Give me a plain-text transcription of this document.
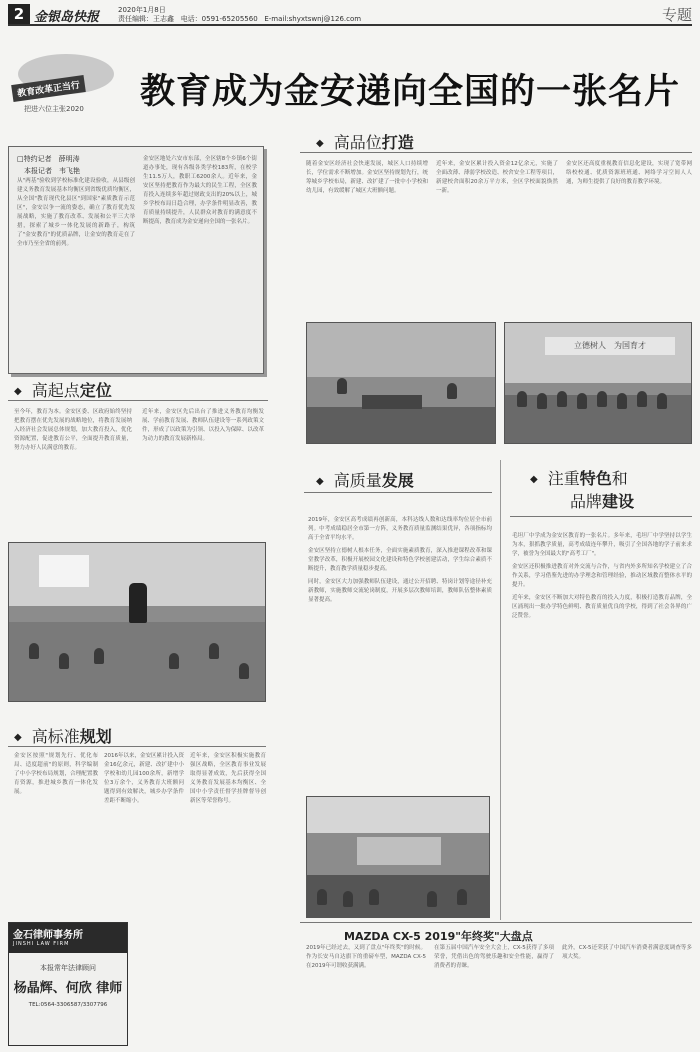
2 金银岛快报	2020年1月8日
责任编辑：王志鑫 电话：0591-65205560 E-mail:shyxtswnj@126.com	专题
教育改革正当行
把进六位主张2020 教育成为金安递向全国的一张名片
□特约记者　薛明涛
　本报记者　韦飞艳
从"两基"验收到学校标准化建设验收，从县级创建义务教育发展基本均衡区到省级优质均衡区，从全国"教育现代化县区"到国家"素质教育示范区"，金安以争一流的姿态，确立了教育优先发展战略，实施了教育改革、发展和公平三大举措，探索了城乡一体化发展的新路子，构筑了"金安教育"的优质品牌，让金安的教育走在了全市乃至全省的前列。
金安区地处六安市东部，全区辖8个乡镇6个街道办事处，现有各级各类学校183所，在校学生11.5万人，教职工6200余人。近年来，金安区坚持把教育作为最大的民生工程，全区教育投入连续多年超过财政支出的20%以上，城乡学校布局日趋合理，办学条件明显改善，教育质量持续提升，人民群众对教育的满意度不断提高，教育成为金安递向全国的一张名片。
◆ 高起点定位
至今年，教育为本。金安区委、区政府始终坚持把教育摆在优先发展的战略地位，将教育发展纳入经济社会发展总体规划，加大教育投入，优化资源配置，促进教育公平，全面提升教育质量，努力办好人民满意的教育。
近年来，金安区先后出台了推进义务教育均衡发展、学前教育发展、教师队伍建设等一系列政策文件，形成了以政策为引领、以投入为保障、以改革为动力的教育发展新格局。
◆ 高标准规划
金安区按照"规划先行、优化布局、适度超前"的原则，科学编制了中小学校布局规划，合理配置教育资源，推进城乡教育一体化发展。
2016年以来，金安区累计投入资金16亿余元，新建、改扩建中小学校和幼儿园100余所，新增学位3万余个，义务教育大班额问题得到有效解决，城乡办学条件差距不断缩小。
近年来，金安区积极实施教育强区战略，全区教育事业发展取得显著成效，先后获得全国义务教育发展基本均衡区、全国中小学责任督学挂牌督导创新区等荣誉称号。
金石律师事务所
JINSHI LAW FIRM
本报常年法律顾问
杨晶辉、何欣 律师
TEL:0564-3306587/3307796
◆ 高品位打造
随着金安区经济社会快速发展，城区人口持续增长，学位需求不断增加。金安区坚持规划先行，统筹城乡学校布局，新建、改扩建了一批中小学校和幼儿园，有效缓解了城区大班额问题。
近年来，金安区累计投入资金12亿余元，实施了全面改薄、薄弱学校改造、校舍安全工程等项目，新建校舍面积20余万平方米，全区学校面貌焕然一新。
金安区还高度重视教育信息化建设，实现了宽带网络校校通、优质资源班班通、网络学习空间人人通，为师生提供了良好的教育教学环境。
立德树人　为国育才
◆ 高质量发展
2019年，金安区高考成绩再创新高，本科达线人数和达线率均位居全市前列。中考成绩稳居全市第一方阵，义务教育质量监测结果优异，各项指标均高于全省平均水平。
金安区坚持立德树人根本任务，全面实施素质教育，深入推进课程改革和课堂教学改革，积极开展校园文化建设和特色学校创建活动，学生综合素质不断提升，教育教学质量稳步提高。
同时，金安区大力加强教师队伍建设，通过公开招聘、特岗计划等途径补充新教师，实施教师交流轮岗制度，开展多层次教师培训，教师队伍整体素质显著提高。
◆ 注重特色和
品牌建设
毛坦厂中学成为金安区教育的一张名片。多年来，毛坦厂中学坚持以学生为本，狠抓教学质量，高考成绩连年攀升，吸引了全国各地的学子前来求学，被誉为全国最大的"高考工厂"。
金安区还积极推进教育对外交流与合作，与省内外多所知名学校建立了合作关系，学习借鉴先进的办学理念和管理经验，推动区域教育整体水平的提升。
近年来，金安区不断加大对特色教育的投入力度，积极打造教育品牌，全区涌现出一批办学特色鲜明、教育质量优良的学校，得到了社会各界的广泛赞誉。
MAZDA CX-5 2019"年终奖"大盘点
2019年已经过去，又到了盘点"年终奖"的时候。作为长安马自达旗下的重磅车型，MAZDA CX-5在2019年可谓收获满满。
在第五届中国汽车安全大会上，CX-5获得了多项荣誉，凭借出色的驾驶乐趣和安全性能，赢得了消费者的青睐。
此外，CX-5还荣获了中国汽车消费者满意度调查等多项大奖。
